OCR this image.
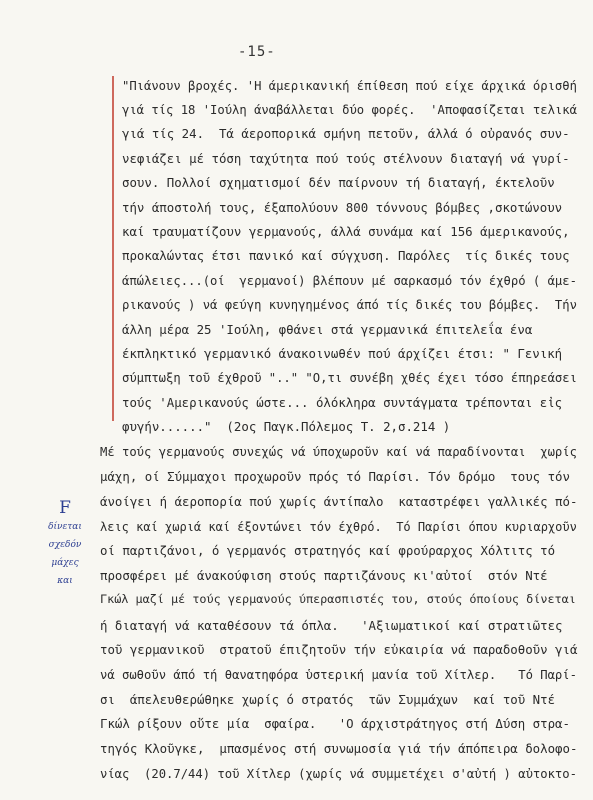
-15-
"Πιάνουν βροχές. 'Η άμερικανική έπίθεση πού είχε άρχικά όρισθή
γιά τίς 18 'Ιούλη άναβάλλεται δύο φορές.  'Αποφασίζεται τελικά
γιά τίς 24.  Τά άεροπορικά σμήνη πετοῦν, άλλά ό οὐρανός συν-
νεφιάζει μέ τόση ταχύτητα πού τούς στέλνουν διαταγή νά γυρί-
σουν. Πολλοί σχηματισμοί δέν παίρνουν τή διαταγή, έκτελοῦν
τήν άποστολή τους, έξαπολύουν 800 τόννους βόμβες ,σκοτώνουν
καί τραυματίζουν γερμανούς, άλλά συνάμα καί 156 άμερικανούς,
προκαλώντας έτσι πανικό καί σύγχυση. Παρόλες  τίς δικές τους
άπώλειες...(οί  γερμανοί) βλέπουν μέ σαρκασμό τόν έχθρό ( άμε-
ρικανούς ) νά φεύγη κυνηγημένος άπό τίς δικές του βόμβες.  Τήν
άλλη μέρα 25 'Ιούλη, φθάνει στά γερμανικά έπιτελεΐα ένα
έκπληκτικό γερμανικό άνακοινωθέν πού άρχίζει έτσι: " Γενική
σύμπτωξη τοῦ έχθροῦ ".." "Ο,τι συνέβη χθές έχει τόσο έπηρεάσει
τούς 'Αμερικανούς ώστε... όλόκληρα συντάγματα τρέπονται εἰς
φυγήν......"  (2ος Παγκ.Πόλεμος Τ. 2,σ.214 )
Μέ τούς γερμανούς συνεχώς νά ύποχωροῦν καί νά παραδίνονται  χωρίς
μάχη, οί Σύμμαχοι προχωροῦν πρός τό Παρίσι. Τόν δρόμο  τους τόν
άνοίγει ή άεροπορία πού χωρίς άντίπαλο  καταστρέφει γαλλικές πό-
λεις καί χωριά καί έξοντώνει τόν έχθρό.  Τό Παρίσι όπου κυριαρχοῦν
οί παρτιζάνοι, ό γερμανός στρατηγός καί φρούραρχος Χόλτιτς τό
προσφέρει μέ άνακούφιση στούς παρτιζάνους κι'αὐτοί  στόν Ντέ
Γκώλ μαζί μέ τούς γερμανούς ύπερασπιστές του, στούς όποίους δίνεται
ή διαταγή νά καταθέσουν τά όπλα.   'Αξιωματικοί καί στρατιῶτες
τοῦ γερμανικοῦ  στρατοῦ έπιζητοῦν τήν εὐκαιρία νά παραδοθοῦν γιά
νά σωθοῦν άπό τή θανατηφόρα ὑστερική μανία τοῦ Χίτλερ.   Τό Παρί-
σι  άπελευθερώθηκε χωρίς ό στρατός  τῶν Συμμάχων  καί τοῦ Ντέ
Γκώλ ρίξουν οὔτε μία  σφαίρα.   'Ο άρχιστράτηγος στή Δύση στρα-
τηγός Κλοῦγκε,  μπασμένος στή συνωμοσία γιά τήν άπόπειρα δολοφο-
νίας  (20.7/44) τοῦ Χίτλερ (χωρίς νά συμμετέχει σ'αὐτή ) αὐτοκτο-
F
δίνεται
σχεδόν
μάχες
και
